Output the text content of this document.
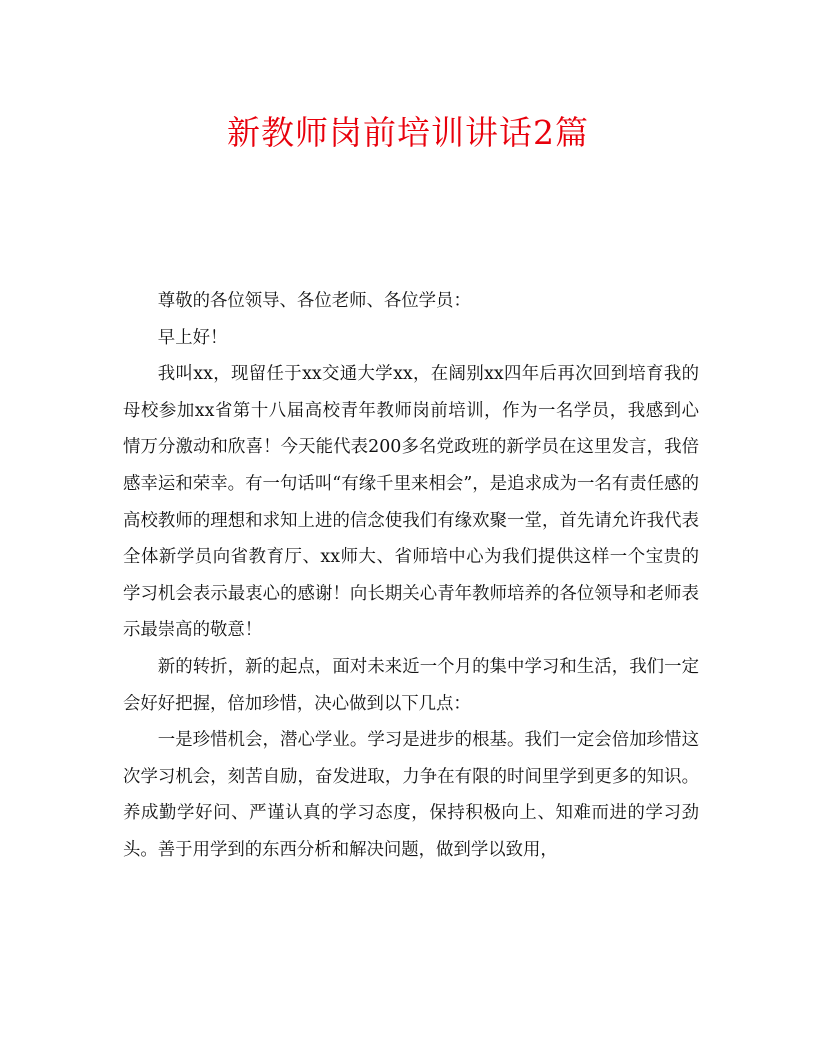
新教师岗前培训讲话2篇

尊敬的各位领导、各位老师、各位学员：

早上好！

我叫xx，现留任于xx交通大学xx，在阔别xx四年后再次回到培育我的母校参加xx省第十八届高校青年教师岗前培训，作为一名学员，我感到心情万分激动和欣喜！今天能代表200多名党政班的新学员在这里发言，我倍感幸运和荣幸。有一句话叫“有缘千里来相会”，是追求成为一名有责任感的高校教师的理想和求知上进的信念使我们有缘欢聚一堂，首先请允许我代表全体新学员向省教育厅、xx师大、省师培中心为我们提供这样一个宝贵的学习机会表示最衷心的感谢！向长期关心青年教师培养的各位领导和老师表示最崇高的敬意！

新的转折，新的起点，面对未来近一个月的集中学习和生活，我们一定会好好把握，倍加珍惜，决心做到以下几点：

一是珍惜机会，潜心学业。学习是进步的根基。我们一定会倍加珍惜这次学习机会，刻苦自励，奋发进取，力争在有限的时间里学到更多的知识。养成勤学好问、严谨认真的学习态度，保持积极向上、知难而进的学习劲头。善于用学到的东西分析和解决问题，做到学以致用，
